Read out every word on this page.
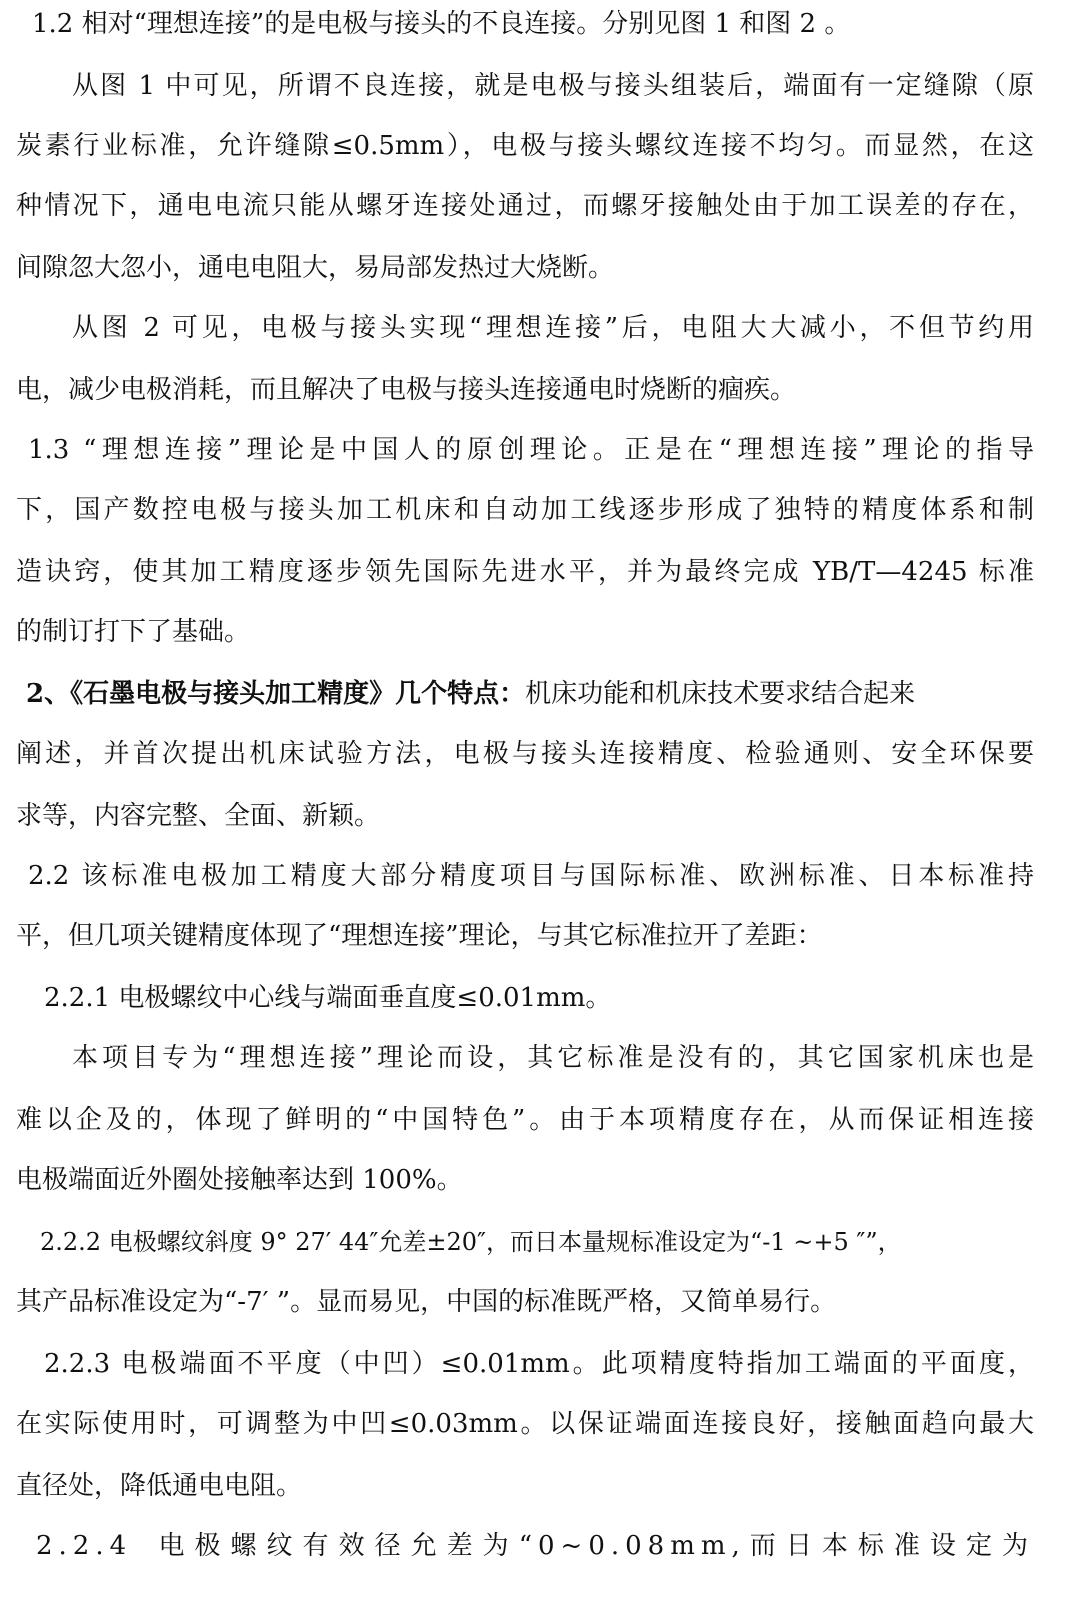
1.2 相对“理想连接”的是电极与接头的不良连接。分别见图 1 和图 2 。
从图 1 中可见，所谓不良连接，就是电极与接头组装后，端面有一定缝隙（原
炭素行业标准，允许缝隙≤0.5mm），电极与接头螺纹连接不均匀。而显然，在这
种情况下，通电电流只能从螺牙连接处通过，而螺牙接触处由于加工误差的存在，
间隙忽大忽小，通电电阻大，易局部发热过大烧断。
从图 2 可见，电极与接头实现“理想连接”后，电阻大大减小，不但节约用
电，减少电极消耗，而且解决了电极与接头连接通电时烧断的痼疾。
1.3 “理想连接”理论是中国人的原创理论。正是在“理想连接”理论的指导
下，国产数控电极与接头加工机床和自动加工线逐步形成了独特的精度体系和制
造诀窍，使其加工精度逐步领先国际先进水平，并为最终完成 YB/T—4245 标准
的制订打下了基础。
2、《石墨电极与接头加工精度》几个特点：机床功能和机床技术要求结合起来
阐述，并首次提出机床试验方法，电极与接头连接精度、检验通则、安全环保要
求等，内容完整、全面、新颖。
2.2 该标准电极加工精度大部分精度项目与国际标准、欧洲标准、日本标准持
平，但几项关键精度体现了“理想连接”理论，与其它标准拉开了差距：
2.2.1 电极螺纹中心线与端面垂直度≤0.01mm。
本项目专为“理想连接”理论而设，其它标准是没有的，其它国家机床也是
难以企及的，体现了鲜明的“中国特色”。由于本项精度存在，从而保证相连接
电极端面近外圈处接触率达到 100%。
2.2.2 电极螺纹斜度 9° 27′ 44″允差±20″，而日本量规标准设定为“-1 ~+5 ″”，
其产品标准设定为“-7′ ”。显而易见，中国的标准既严格，又简单易行。
2.2.3 电极端面不平度（中凹）≤0.01mm。此项精度特指加工端面的平面度，
在实际使用时，可调整为中凹≤0.03mm。以保证端面连接良好，接触面趋向最大
直径处，降低通电电阻。
2.2.4 电极螺纹有效径允差为“0~0.08mm,而日本标准设定为
